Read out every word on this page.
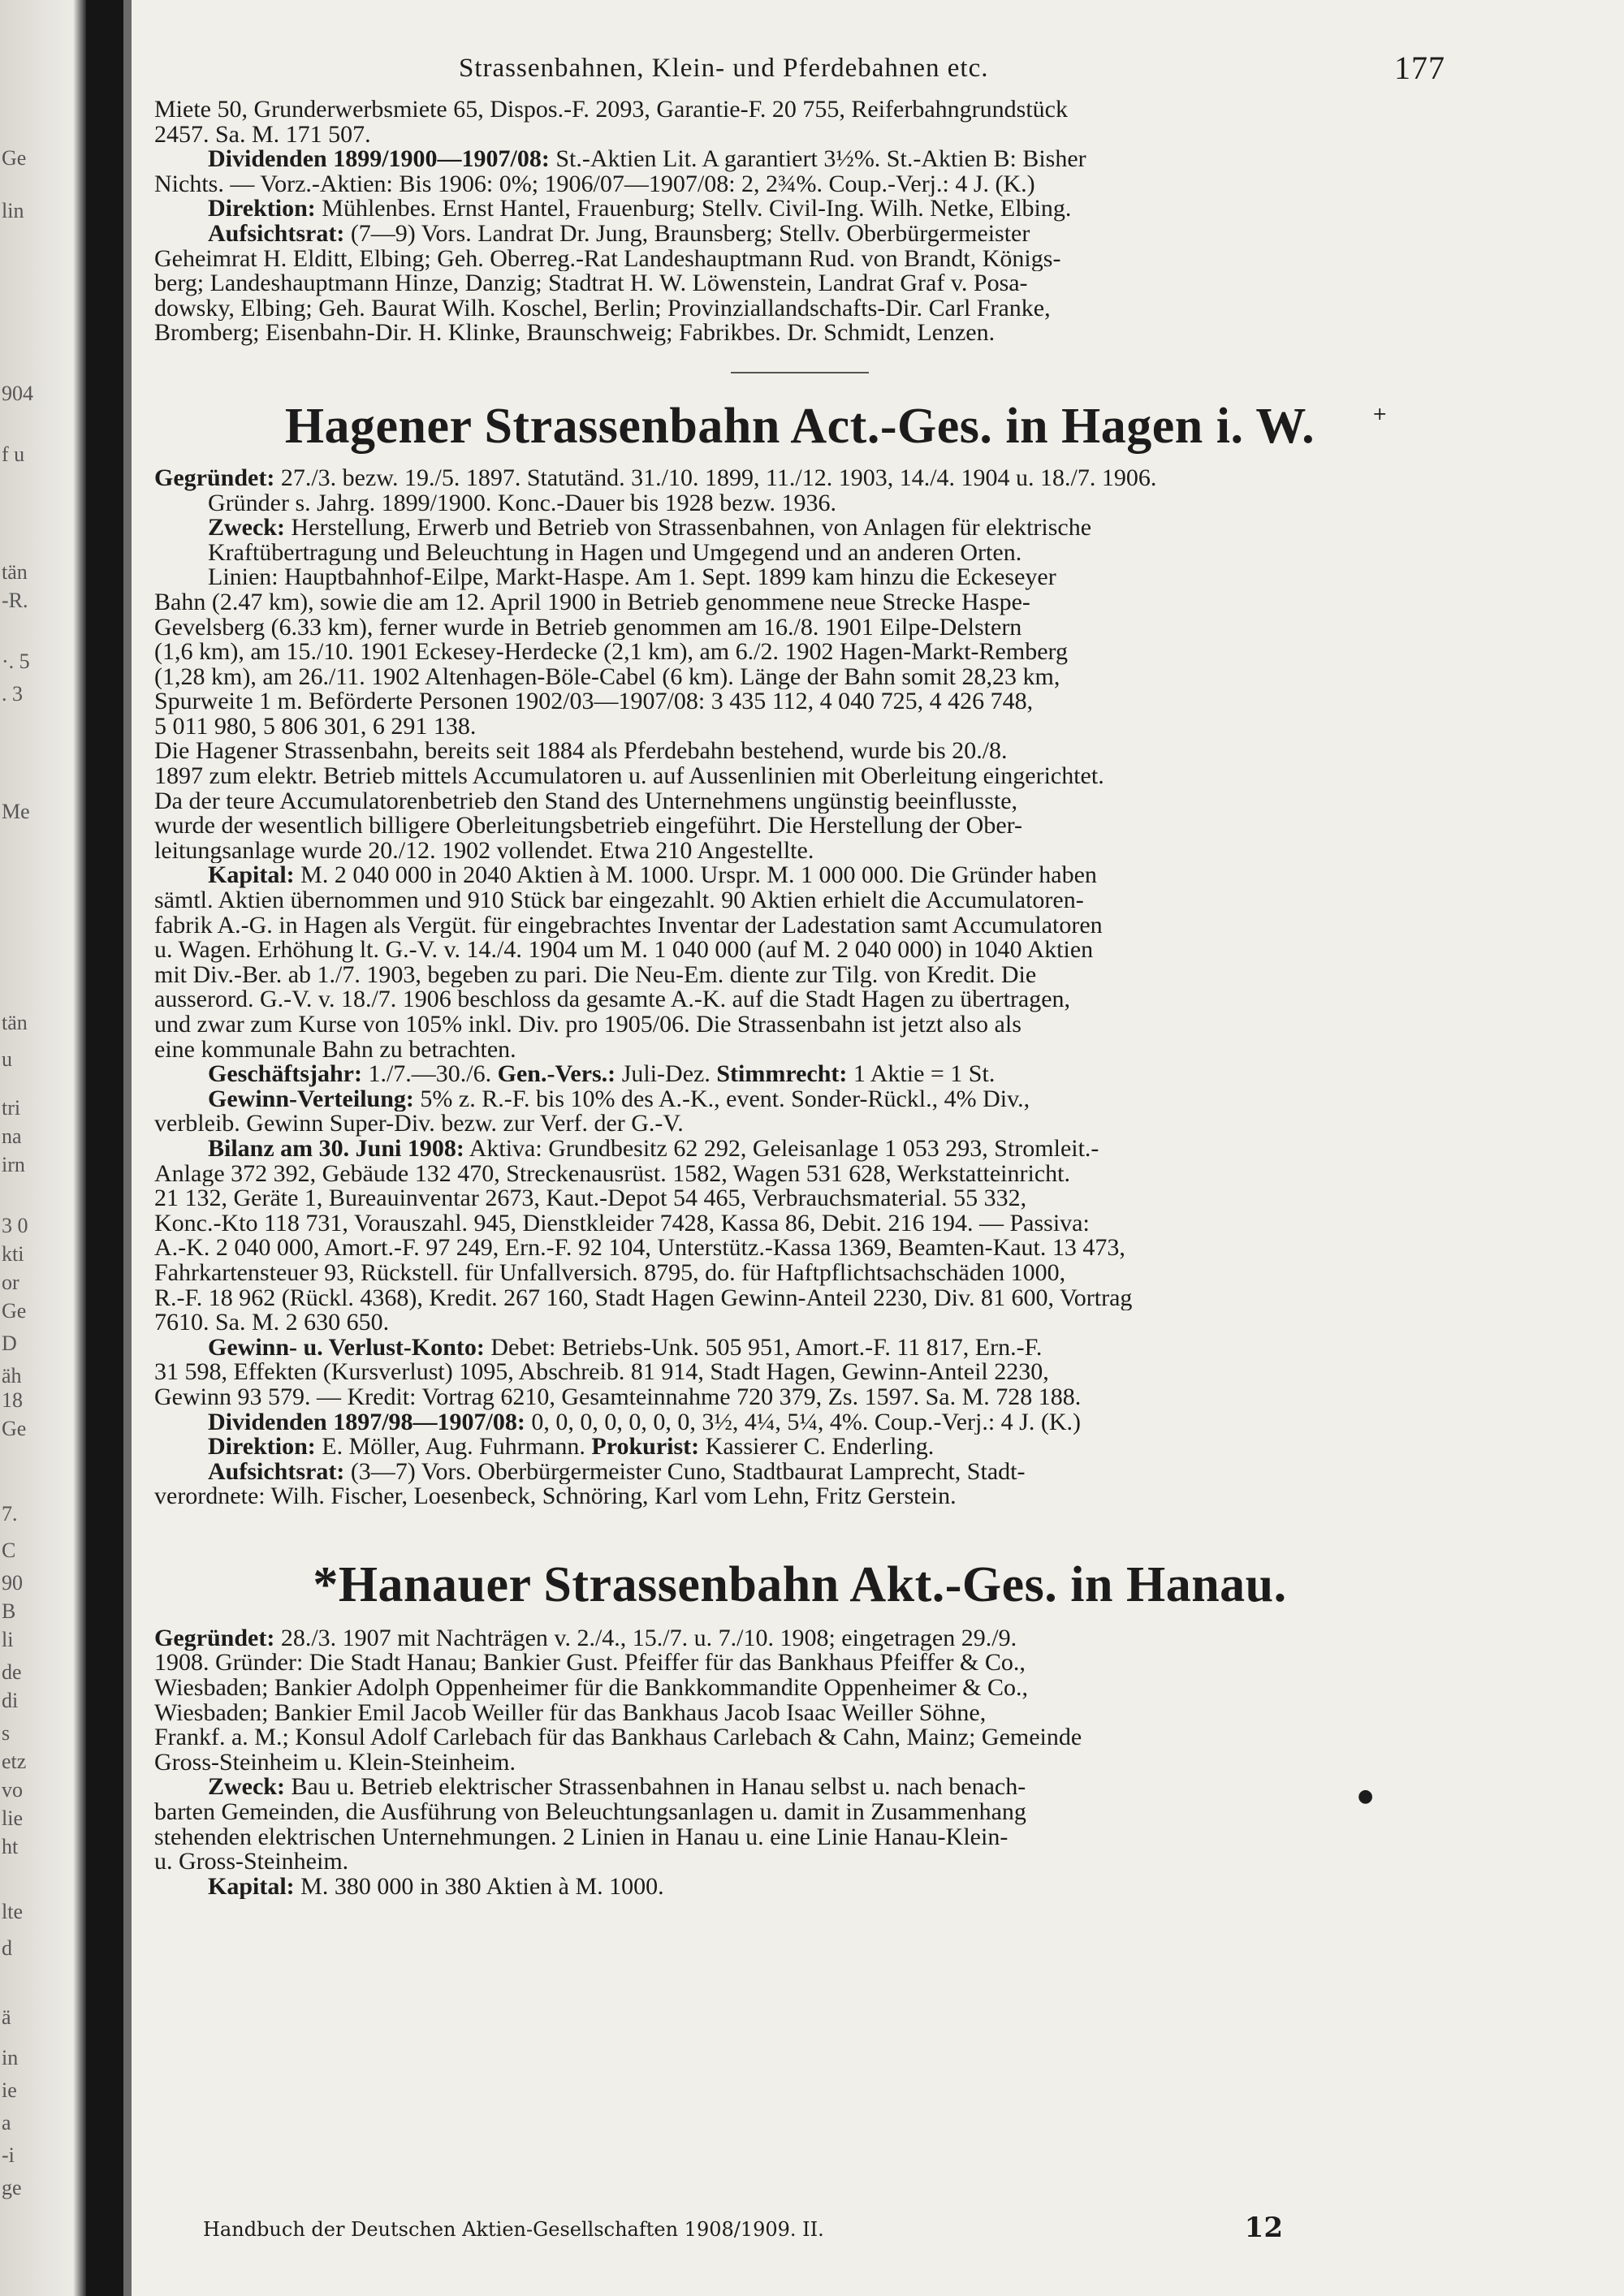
Ge
lin
904
f u
tän
-R.
·. 5
. 3
Me
tän
u
tri
na
irn
3 0
kti
or
Ge
D
äh
18
Ge
7.
C
90
B
li
de
di
s
etz
vo
lie
ht
lte
d
ä
in
ie
a
-i
ge
Strassenbahnen, Klein- und Pferdebahnen etc.	177

Miete 50, Grunderwerbsmiete 65, Dispos.-F. 2093, Garantie-F. 20 755, Reiferbahngrundstück

2457. Sa. M. 171 507.

Dividenden 1899/1900—1907/08: St.-Aktien Lit. A garantiert 3½%. St.-Aktien B: Bisher

Nichts. — Vorz.-Aktien: Bis 1906: 0%; 1906/07—1907/08: 2, 2¾%. Coup.-Verj.: 4 J. (K.)

Direktion: Mühlenbes. Ernst Hantel, Frauenburg; Stellv. Civil-Ing. Wilh. Netke, Elbing.

Aufsichtsrat: (7—9) Vors. Landrat Dr. Jung, Braunsberg; Stellv. Oberbürgermeister

Geheimrat H. Elditt, Elbing; Geh. Oberreg.-Rat Landeshauptmann Rud. von Brandt, Königs-

berg; Landeshauptmann Hinze, Danzig; Stadtrat H. W. Löwenstein, Landrat Graf v. Posa-

dowsky, Elbing; Geh. Baurat Wilh. Koschel, Berlin; Provinziallandschafts-Dir. Carl Franke,

Bromberg; Eisenbahn-Dir. H. Klinke, Braunschweig; Fabrikbes. Dr. Schmidt, Lenzen.

Hagener Strassenbahn Act.-Ges. in Hagen i. W.

Gegründet: 27./3. bezw. 19./5. 1897. Statutänd. 31./10. 1899, 11./12. 1903, 14./4. 1904 u. 18./7. 1906.

Gründer s. Jahrg. 1899/1900. Konc.-Dauer bis 1928 bezw. 1936.

Zweck: Herstellung, Erwerb und Betrieb von Strassenbahnen, von Anlagen für elektrische

Kraftübertragung und Beleuchtung in Hagen und Umgegend und an anderen Orten.

Linien: Hauptbahnhof-Eilpe, Markt-Haspe. Am 1. Sept. 1899 kam hinzu die Eckeseyer

Bahn (2.47 km), sowie die am 12. April 1900 in Betrieb genommene neue Strecke Haspe-

Gevelsberg (6.33 km), ferner wurde in Betrieb genommen am 16./8. 1901 Eilpe-Delstern

(1,6 km), am 15./10. 1901 Eckesey-Herdecke (2,1 km), am 6./2. 1902 Hagen-Markt-Remberg

(1,28 km), am 26./11. 1902 Altenhagen-Böle-Cabel (6 km). Länge der Bahn somit 28,23 km,

Spurweite 1 m. Beförderte Personen 1902/03—1907/08: 3 435 112, 4 040 725, 4 426 748,

5 011 980, 5 806 301, 6 291 138.

Die Hagener Strassenbahn, bereits seit 1884 als Pferdebahn bestehend, wurde bis 20./8.

1897 zum elektr. Betrieb mittels Accumulatoren u. auf Aussenlinien mit Oberleitung eingerichtet.

Da der teure Accumulatorenbetrieb den Stand des Unternehmens ungünstig beeinflusste,

wurde der wesentlich billigere Oberleitungsbetrieb eingeführt. Die Herstellung der Ober-

leitungsanlage wurde 20./12. 1902 vollendet. Etwa 210 Angestellte.

Kapital: M. 2 040 000 in 2040 Aktien à M. 1000. Urspr. M. 1 000 000. Die Gründer haben

sämtl. Aktien übernommen und 910 Stück bar eingezahlt. 90 Aktien erhielt die Accumulatoren-

fabrik A.-G. in Hagen als Vergüt. für eingebrachtes Inventar der Ladestation samt Accumulatoren

u. Wagen. Erhöhung lt. G.-V. v. 14./4. 1904 um M. 1 040 000 (auf M. 2 040 000) in 1040 Aktien

mit Div.-Ber. ab 1./7. 1903, begeben zu pari. Die Neu-Em. diente zur Tilg. von Kredit. Die

ausserord. G.-V. v. 18./7. 1906 beschloss da gesamte A.-K. auf die Stadt Hagen zu übertragen,

und zwar zum Kurse von 105% inkl. Div. pro 1905/06. Die Strassenbahn ist jetzt also als

eine kommunale Bahn zu betrachten.

Geschäftsjahr: 1./7.—30./6. Gen.-Vers.: Juli-Dez. Stimmrecht: 1 Aktie = 1 St.

Gewinn-Verteilung: 5% z. R.-F. bis 10% des A.-K., event. Sonder-Rückl., 4% Div.,

verbleib. Gewinn Super-Div. bezw. zur Verf. der G.-V.

Bilanz am 30. Juni 1908: Aktiva: Grundbesitz 62 292, Geleisanlage 1 053 293, Stromleit.-

Anlage 372 392, Gebäude 132 470, Streckenausrüst. 1582, Wagen 531 628, Werkstatteinricht.

21 132, Geräte 1, Bureauinventar 2673, Kaut.-Depot 54 465, Verbrauchsmaterial. 55 332,

Konc.-Kto 118 731, Vorauszahl. 945, Dienstkleider 7428, Kassa 86, Debit. 216 194. — Passiva:

A.-K. 2 040 000, Amort.-F. 97 249, Ern.-F. 92 104, Unterstütz.-Kassa 1369, Beamten-Kaut. 13 473,

Fahrkartensteuer 93, Rückstell. für Unfallversich. 8795, do. für Haftpflichtsachschäden 1000,

R.-F. 18 962 (Rückl. 4368), Kredit. 267 160, Stadt Hagen Gewinn-Anteil 2230, Div. 81 600, Vortrag

7610. Sa. M. 2 630 650.

Gewinn- u. Verlust-Konto: Debet: Betriebs-Unk. 505 951, Amort.-F. 11 817, Ern.-F.

31 598, Effekten (Kursverlust) 1095, Abschreib. 81 914, Stadt Hagen, Gewinn-Anteil 2230,

Gewinn 93 579. — Kredit: Vortrag 6210, Gesamteinnahme 720 379, Zs. 1597. Sa. M. 728 188.

Dividenden 1897/98—1907/08: 0, 0, 0, 0, 0, 0, 0, 3½, 4¼, 5¼, 4%. Coup.-Verj.: 4 J. (K.)

Direktion: E. Möller, Aug. Fuhrmann. Prokurist: Kassierer C. Enderling.

Aufsichtsrat: (3—7) Vors. Oberbürgermeister Cuno, Stadtbaurat Lamprecht, Stadt-

verordnete: Wilh. Fischer, Loesenbeck, Schnöring, Karl vom Lehn, Fritz Gerstein.

*Hanauer Strassenbahn Akt.-Ges. in Hanau.

Gegründet: 28./3. 1907 mit Nachträgen v. 2./4., 15./7. u. 7./10. 1908; eingetragen 29./9.

1908. Gründer: Die Stadt Hanau; Bankier Gust. Pfeiffer für das Bankhaus Pfeiffer & Co.,

Wiesbaden; Bankier Adolph Oppenheimer für die Bankkommandite Oppenheimer & Co.,

Wiesbaden; Bankier Emil Jacob Weiller für das Bankhaus Jacob Isaac Weiller Söhne,

Frankf. a. M.; Konsul Adolf Carlebach für das Bankhaus Carlebach & Cahn, Mainz; Gemeinde

Gross-Steinheim u. Klein-Steinheim.

Zweck: Bau u. Betrieb elektrischer Strassenbahnen in Hanau selbst u. nach benach-

barten Gemeinden, die Ausführung von Beleuchtungsanlagen u. damit in Zusammenhang

stehenden elektrischen Unternehmungen. 2 Linien in Hanau u. eine Linie Hanau-Klein-

u. Gross-Steinheim.

Kapital: M. 380 000 in 380 Aktien à M. 1000.

+
●
Handbuch der Deutschen Aktien-Gesellschaften 1908/1909. II.	12
